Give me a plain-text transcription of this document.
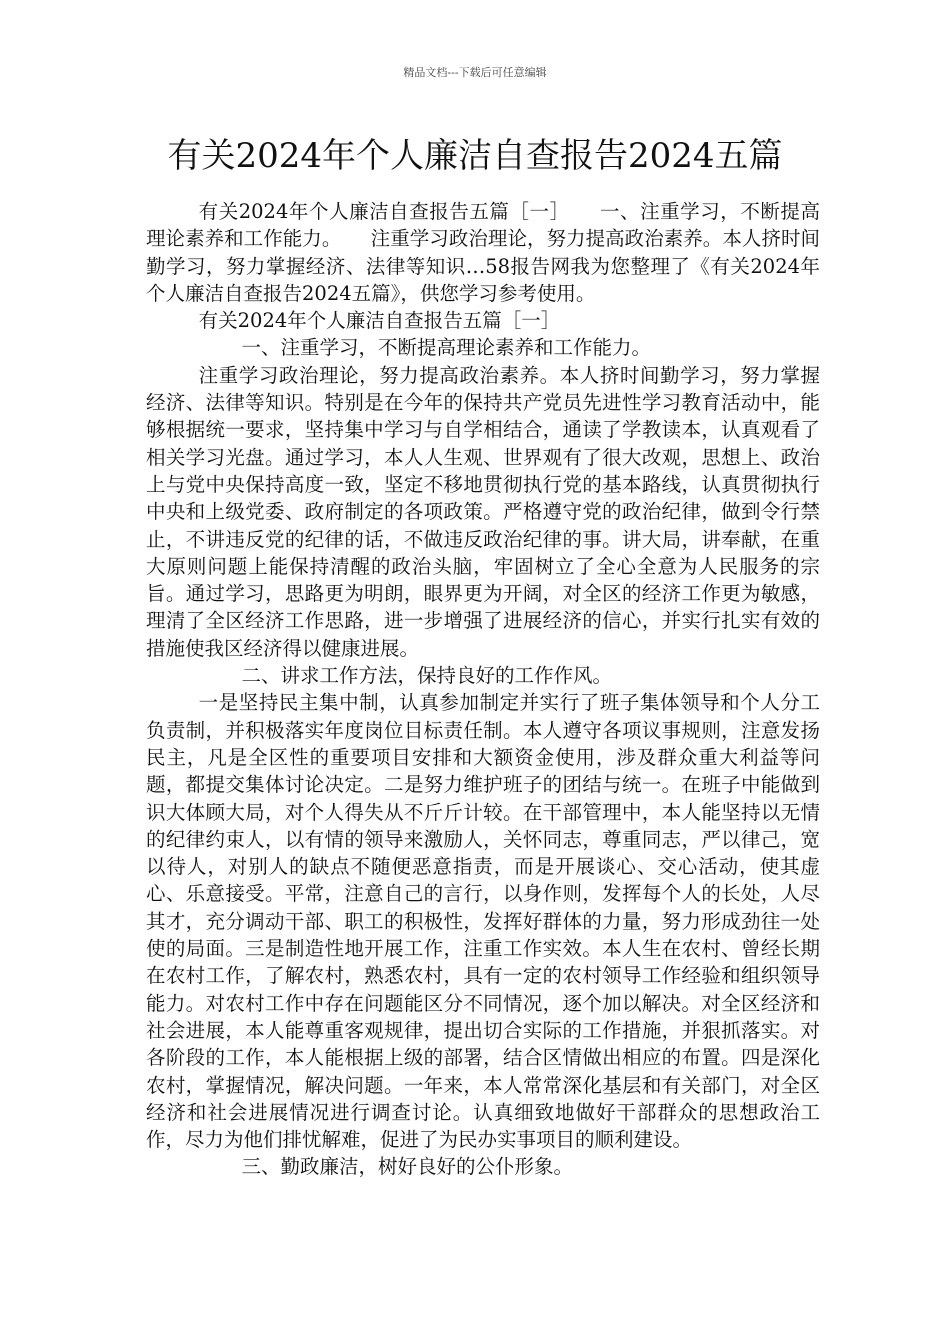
精品文档---下载后可任意编辑
有关2024年个人廉洁自查报告2024五篇

有关2024年个人廉洁自查报告五篇［一］　　一、注重学习，不断提高理论素养和工作能力。　　注重学习政治理论，努力提高政治素养。本人挤时间勤学习，努力掌握经济、法律等知识…58报告网我为您整理了《有关2024年个人廉洁自查报告2024五篇》，供您学习参考使用。

有关2024年个人廉洁自查报告五篇［一］

一、注重学习，不断提高理论素养和工作能力。

注重学习政治理论，努力提高政治素养。本人挤时间勤学习，努力掌握经济、法律等知识。特别是在今年的保持共产党员先进性学习教育活动中，能够根据统一要求，坚持集中学习与自学相结合，通读了学教读本，认真观看了相关学习光盘。通过学习，本人人生观、世界观有了很大改观，思想上、政治上与党中央保持高度一致，坚定不移地贯彻执行党的基本路线，认真贯彻执行中央和上级党委、政府制定的各项政策。严格遵守党的政治纪律，做到令行禁止，不讲违反党的纪律的话，不做违反政治纪律的事。讲大局，讲奉献，在重大原则问题上能保持清醒的政治头脑，牢固树立了全心全意为人民服务的宗旨。通过学习，思路更为明朗，眼界更为开阔，对全区的经济工作更为敏感，理清了全区经济工作思路，进一步增强了进展经济的信心，并实行扎实有效的措施使我区经济得以健康进展。

二、讲求工作方法，保持良好的工作作风。

一是坚持民主集中制，认真参加制定并实行了班子集体领导和个人分工负责制，并积极落实年度岗位目标责任制。本人遵守各项议事规则，注意发扬民主，凡是全区性的重要项目安排和大额资金使用，涉及群众重大利益等问题，都提交集体讨论决定。二是努力维护班子的团结与统一。在班子中能做到识大体顾大局，对个人得失从不斤斤计较。在干部管理中，本人能坚持以无情的纪律约束人，以有情的领导来激励人，关怀同志，尊重同志，严以律己，宽以待人，对别人的缺点不随便恶意指责，而是开展谈心、交心活动，使其虚心、乐意接受。平常，注意自己的言行，以身作则，发挥每个人的长处，人尽其才，充分调动干部、职工的积极性，发挥好群体的力量，努力形成劲往一处使的局面。三是制造性地开展工作，注重工作实效。本人生在农村、曾经长期在农村工作，了解农村，熟悉农村，具有一定的农村领导工作经验和组织领导能力。对农村工作中存在问题能区分不同情况，逐个加以解决。对全区经济和社会进展，本人能尊重客观规律，提出切合实际的工作措施，并狠抓落实。对各阶段的工作，本人能根据上级的部署，结合区情做出相应的布置。四是深化农村，掌握情况，解决问题。一年来，本人常常深化基层和有关部门，对全区经济和社会进展情况进行调查讨论。认真细致地做好干部群众的思想政治工作，尽力为他们排忧解难，促进了为民办实事项目的顺利建设。

三、勤政廉洁，树好良好的公仆形象。
